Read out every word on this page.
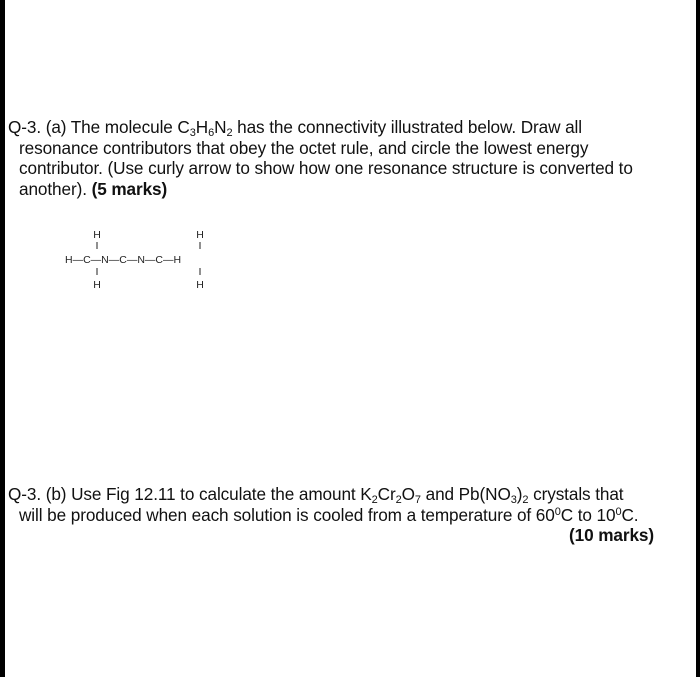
Q-3. (a) The molecule $C_3H_6N_2$ has the connectivity illustrated below. Draw all
resonance contributors that obey the octet rule, and circle the lowest energy
contributor. (Use curly arrow to show how one resonance structure is converted to
another). (5 marks)
H	H
H—C—N—C—N—C—H
H	H
Q-3. (b) Use Fig 12.11 to calculate the amount $K_2Cr_2O_7$ and $Pb(NO_3)_2$ crystals that
will be produced when each solution is cooled from a temperature of $60^0C$ to $10^0C$.
(10 marks)
